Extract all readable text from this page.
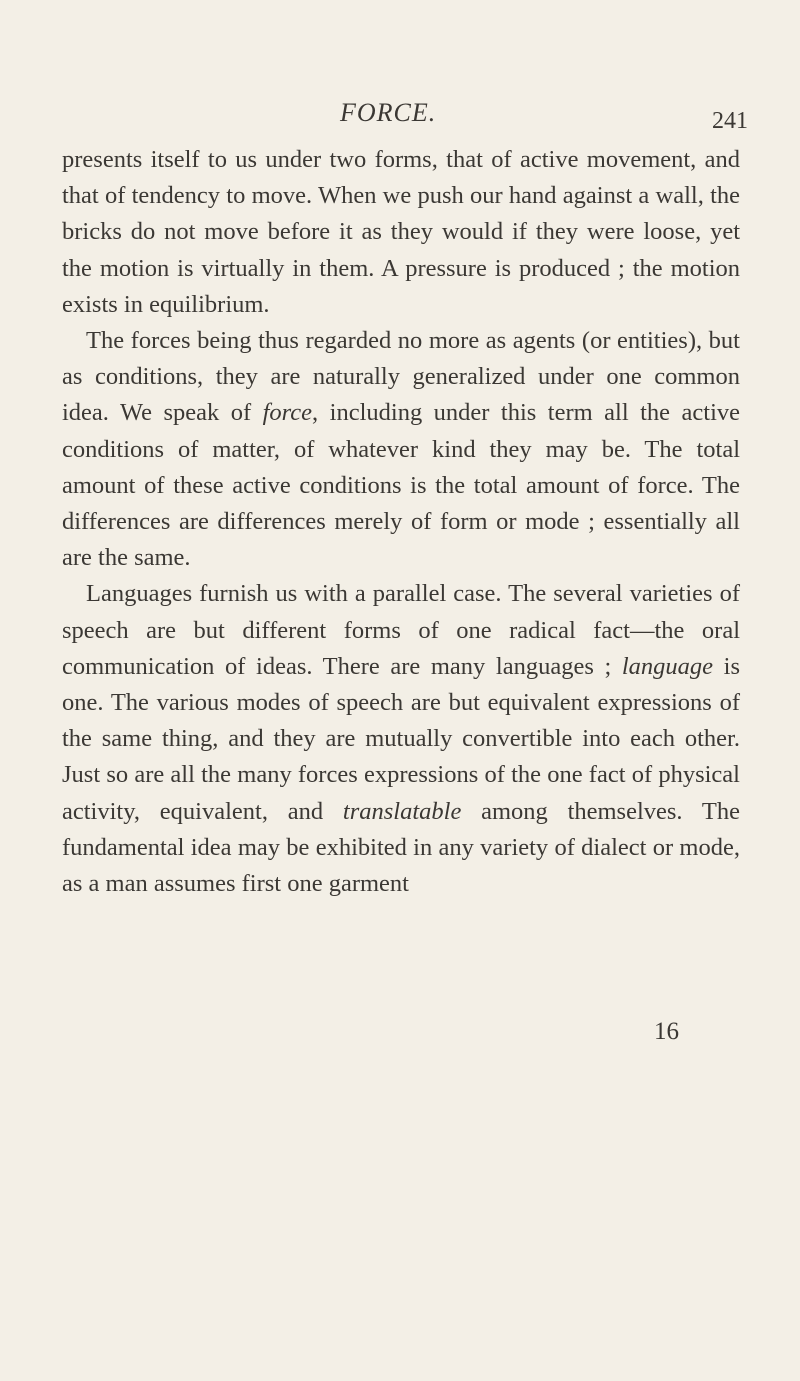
FORCE.	241

presents itself to us under two forms, that of active movement, and that of tendency to move. When we push our hand against a wall, the bricks do not move before it as they would if they were loose, yet the motion is virtually in them. A pressure is produced ; the motion exists in equilibrium.

The forces being thus regarded no more as agents (or entities), but as conditions, they are naturally generalized under one common idea. We speak of force, including under this term all the active conditions of matter, of whatever kind they may be. The total amount of these active conditions is the total amount of force. The differences are differences merely of form or mode ; essentially all are the same.

Languages furnish us with a parallel case. The several varieties of speech are but different forms of one radical fact—the oral communication of ideas. There are many languages ; language is one. The various modes of speech are but equivalent expressions of the same thing, and they are mutually convertible into each other. Just so are all the many forces expressions of the one fact of physical activity, equivalent, and translatable among themselves. The fundamental idea may be exhibited in any variety of dialect or mode, as a man assumes first one garment

16
